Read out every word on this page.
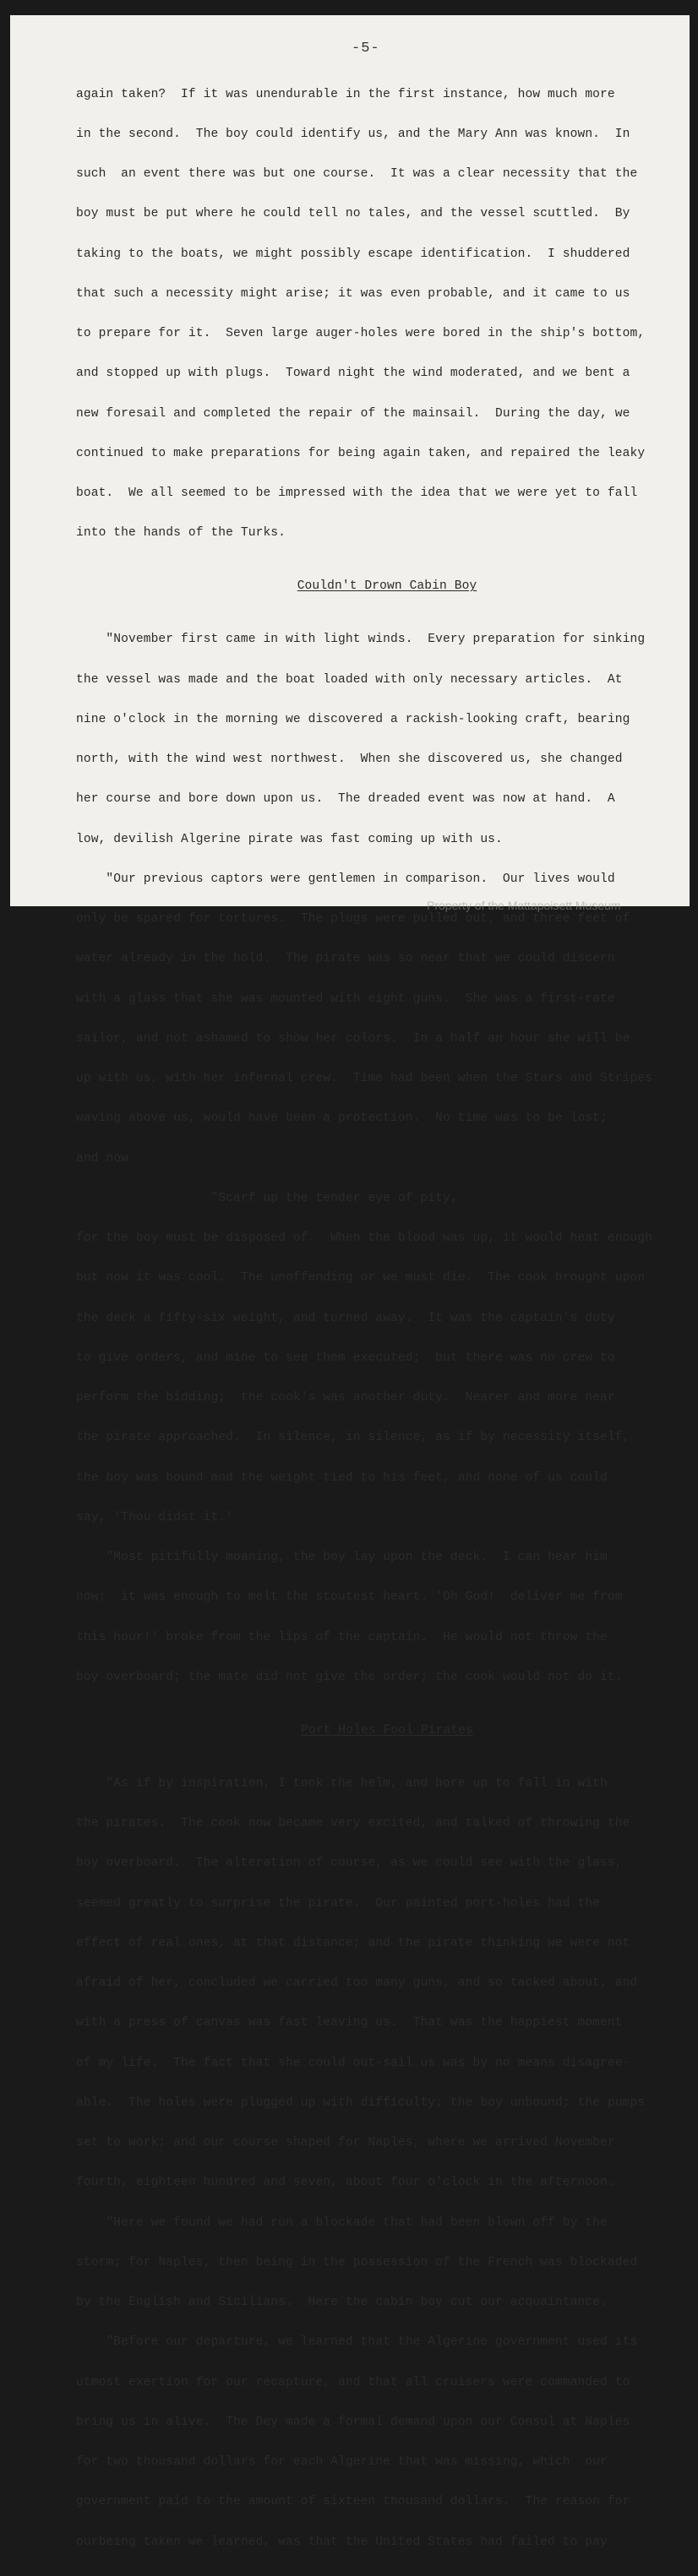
-5-

again taken?  If it was unendurable in the first instance, how much more

in the second.  The boy could identify us, and the Mary Ann was known.  In

such  an event there was but one course.  It was a clear necessity that the

boy must be put where he could tell no tales, and the vessel scuttled.  By

taking to the boats, we might possibly escape identification.  I shuddered

that such a necessity might arise; it was even probable, and it came to us

to prepare for it.  Seven large auger-holes were bored in the ship's bottom,

and stopped up with plugs.  Toward night the wind moderated, and we bent a

new foresail and completed the repair of the mainsail.  During the day, we

continued to make preparations for being again taken, and repaired the leaky

boat.  We all seemed to be impressed with the idea that we were yet to fall

into the hands of the Turks.

Couldn't Drown Cabin Boy

"November first came in with light winds.  Every preparation for sinking

the vessel was made and the boat loaded with only necessary articles.  At

nine o'clock in the morning we discovered a rackish-looking craft, bearing

north, with the wind west northwest.  When she discovered us, she changed

her course and bore down upon us.  The dreaded event was now at hand.  A

low, devilish Algerine pirate was fast coming up with us.

"Our previous captors were gentlemen in comparison.  Our lives would

only be spared for tortures.  The plugs were pulled out, and three feet of

water already in the hold.  The pirate was so near that we could discern

with a glass that she was mounted with eight guns.  She was a first-rate

sailor, and not ashamed to show her colors.  In a half an hour she will be

up with us, with her infernal crew.  Time had been when the Stars and Stripes

waving above us, would have been a protection.  No time was to be lost;

and now

"Scarf up the tender eye of pity,

for the boy must be disposed of.  When the blood was up, it would heat enough

but now it was cool.  The unoffending or we must die.  The cook brought upon

the deck a fifty-six weight, and turned away.  It was the captain's duty

to give orders, and mine to see them executed;  but there was no crew to

perform the bidding;  the cook's was another duty.  Nearer and more near

the pirate approached.  In silence, in silence, as if by necessity itself,

the boy was bound and the weight tied to his feet, and none of us could

say, 'Thou didst it.'

"Most pitifully moaning, the boy lay upon the deck.  I can hear him

now;  it was enough to melt the stoutest heart. 'Oh God!  deliver me from

this hour!' broke from the lips of the captain.  He would not throw the

boy overboard; the mate did not give the order; the cook would not do it.

Port Holes Fool Pirates

"As if by inspiration, I took the helm, and bore up to fall in with

the pirates.  The cook now became very excited, and talked of throwing the

boy overboard.  The alteration of course, as we could see with the glass,

seemed greatly to surprise the pirate.  Our painted port-holes had the

effect of real ones, at that distance; and the pirate thinking we were not

afraid of her, concluded we carried too many guns, and so tacked about, and

with a press of canvas was fast leaving us.  That was the happiest moment

of my life.  The fact that she could out-sail us was by no means disagree-

able.  The holes were plugged up with difficulty; the boy unbound; the pumps

set to work; and our course shaped for Naples, where we arrived November

fourth, eighteen hundred and seven, about four o'clock in the afternoon.

"Here we found we had run a blockade that had been blown off by the

storm; for Naples, then being in the possession of the French was blockaded

by the English and Sicilians.  Here the cabin boy cut our acquaintance.

"Before our departure, we learned that the Algerine government used its

utmost exertion for our recapture, and that all cruisers were commanded to

bring us in alive.  The Dey made a formal demand upon our Consul at Naples

for two thousand dollars for each Algerine that was missing, which  our

government paid to the amount of sixteen thousand dollars.  The reason for

ourbeing taken we learned, was that the United States had failed to pay

Property of the Mattapoisett Museum
